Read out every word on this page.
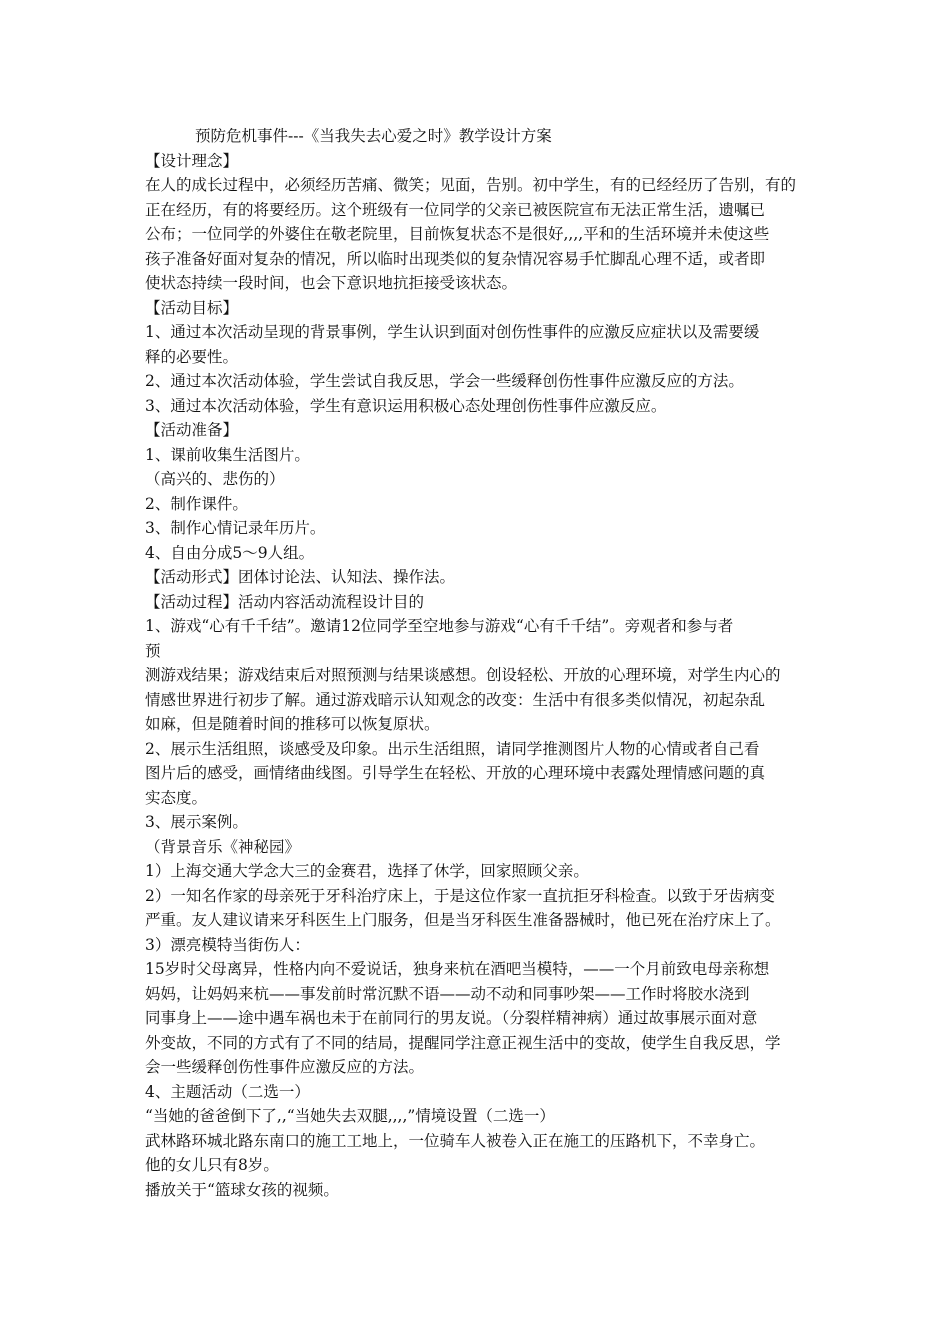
预防危机事件---《当我失去心爱之时》教学设计方案
【设计理念】
在人的成长过程中，必须经历苦痛、微笑；见面，告别。初中学生，有的已经经历了告别，有的
正在经历，有的将要经历。这个班级有一位同学的父亲已被医院宣布无法正常生活，遗嘱已
公布；一位同学的外婆住在敬老院里，目前恢复状态不是很好,,,,平和的生活环境并未使这些
孩子准备好面对复杂的情况，所以临时出现类似的复杂情况容易手忙脚乱心理不适，或者即
使状态持续一段时间，也会下意识地抗拒接受该状态。
【活动目标】
1、通过本次活动呈现的背景事例，学生认识到面对创伤性事件的应激反应症状以及需要缓
释的必要性。
2、通过本次活动体验，学生尝试自我反思，学会一些缓释创伤性事件应激反应的方法。
3、通过本次活动体验，学生有意识运用积极心态处理创伤性事件应激反应。
【活动准备】
1、课前收集生活图片。
（高兴的、悲伤的）
2、制作课件。
3、制作心情记录年历片。
4、自由分成5～9人组。
【活动形式】团体讨论法、认知法、操作法。
【活动过程】活动内容活动流程设计目的
1、游戏“心有千千结”。邀请12位同学至空地参与游戏“心有千千结”。旁观者和参与者
预
测游戏结果；游戏结束后对照预测与结果谈感想。创设轻松、开放的心理环境，对学生内心的
情感世界进行初步了解。通过游戏暗示认知观念的改变：生活中有很多类似情况，初起杂乱
如麻，但是随着时间的推移可以恢复原状。
2、展示生活组照，谈感受及印象。出示生活组照，请同学推测图片人物的心情或者自己看
图片后的感受，画情绪曲线图。引导学生在轻松、开放的心理环境中表露处理情感问题的真
实态度。
3、展示案例。
（背景音乐《神秘园》
1）上海交通大学念大三的金赛君，选择了休学，回家照顾父亲。
2）一知名作家的母亲死于牙科治疗床上，于是这位作家一直抗拒牙科检查。以致于牙齿病变
严重。友人建议请来牙科医生上门服务，但是当牙科医生准备器械时，他已死在治疗床上了。
3）漂亮模特当街伤人：
15岁时父母离异，性格内向不爱说话，独身来杭在酒吧当模特，——一个月前致电母亲称想
妈妈，让妈妈来杭——事发前时常沉默不语——动不动和同事吵架——工作时将胶水浇到
同事身上——途中遇车祸也未于在前同行的男友说。（分裂样精神病）通过故事展示面对意
外变故，不同的方式有了不同的结局，提醒同学注意正视生活中的变故，使学生自我反思，学
会一些缓释创伤性事件应激反应的方法。
4、主题活动（二选一）
“当她的爸爸倒下了,,“当她失去双腿,,,,”情境设置（二选一）
武林路环城北路东南口的施工工地上，一位骑车人被卷入正在施工的压路机下，不幸身亡。
他的女儿只有8岁。
播放关于“篮球女孩的视频。
